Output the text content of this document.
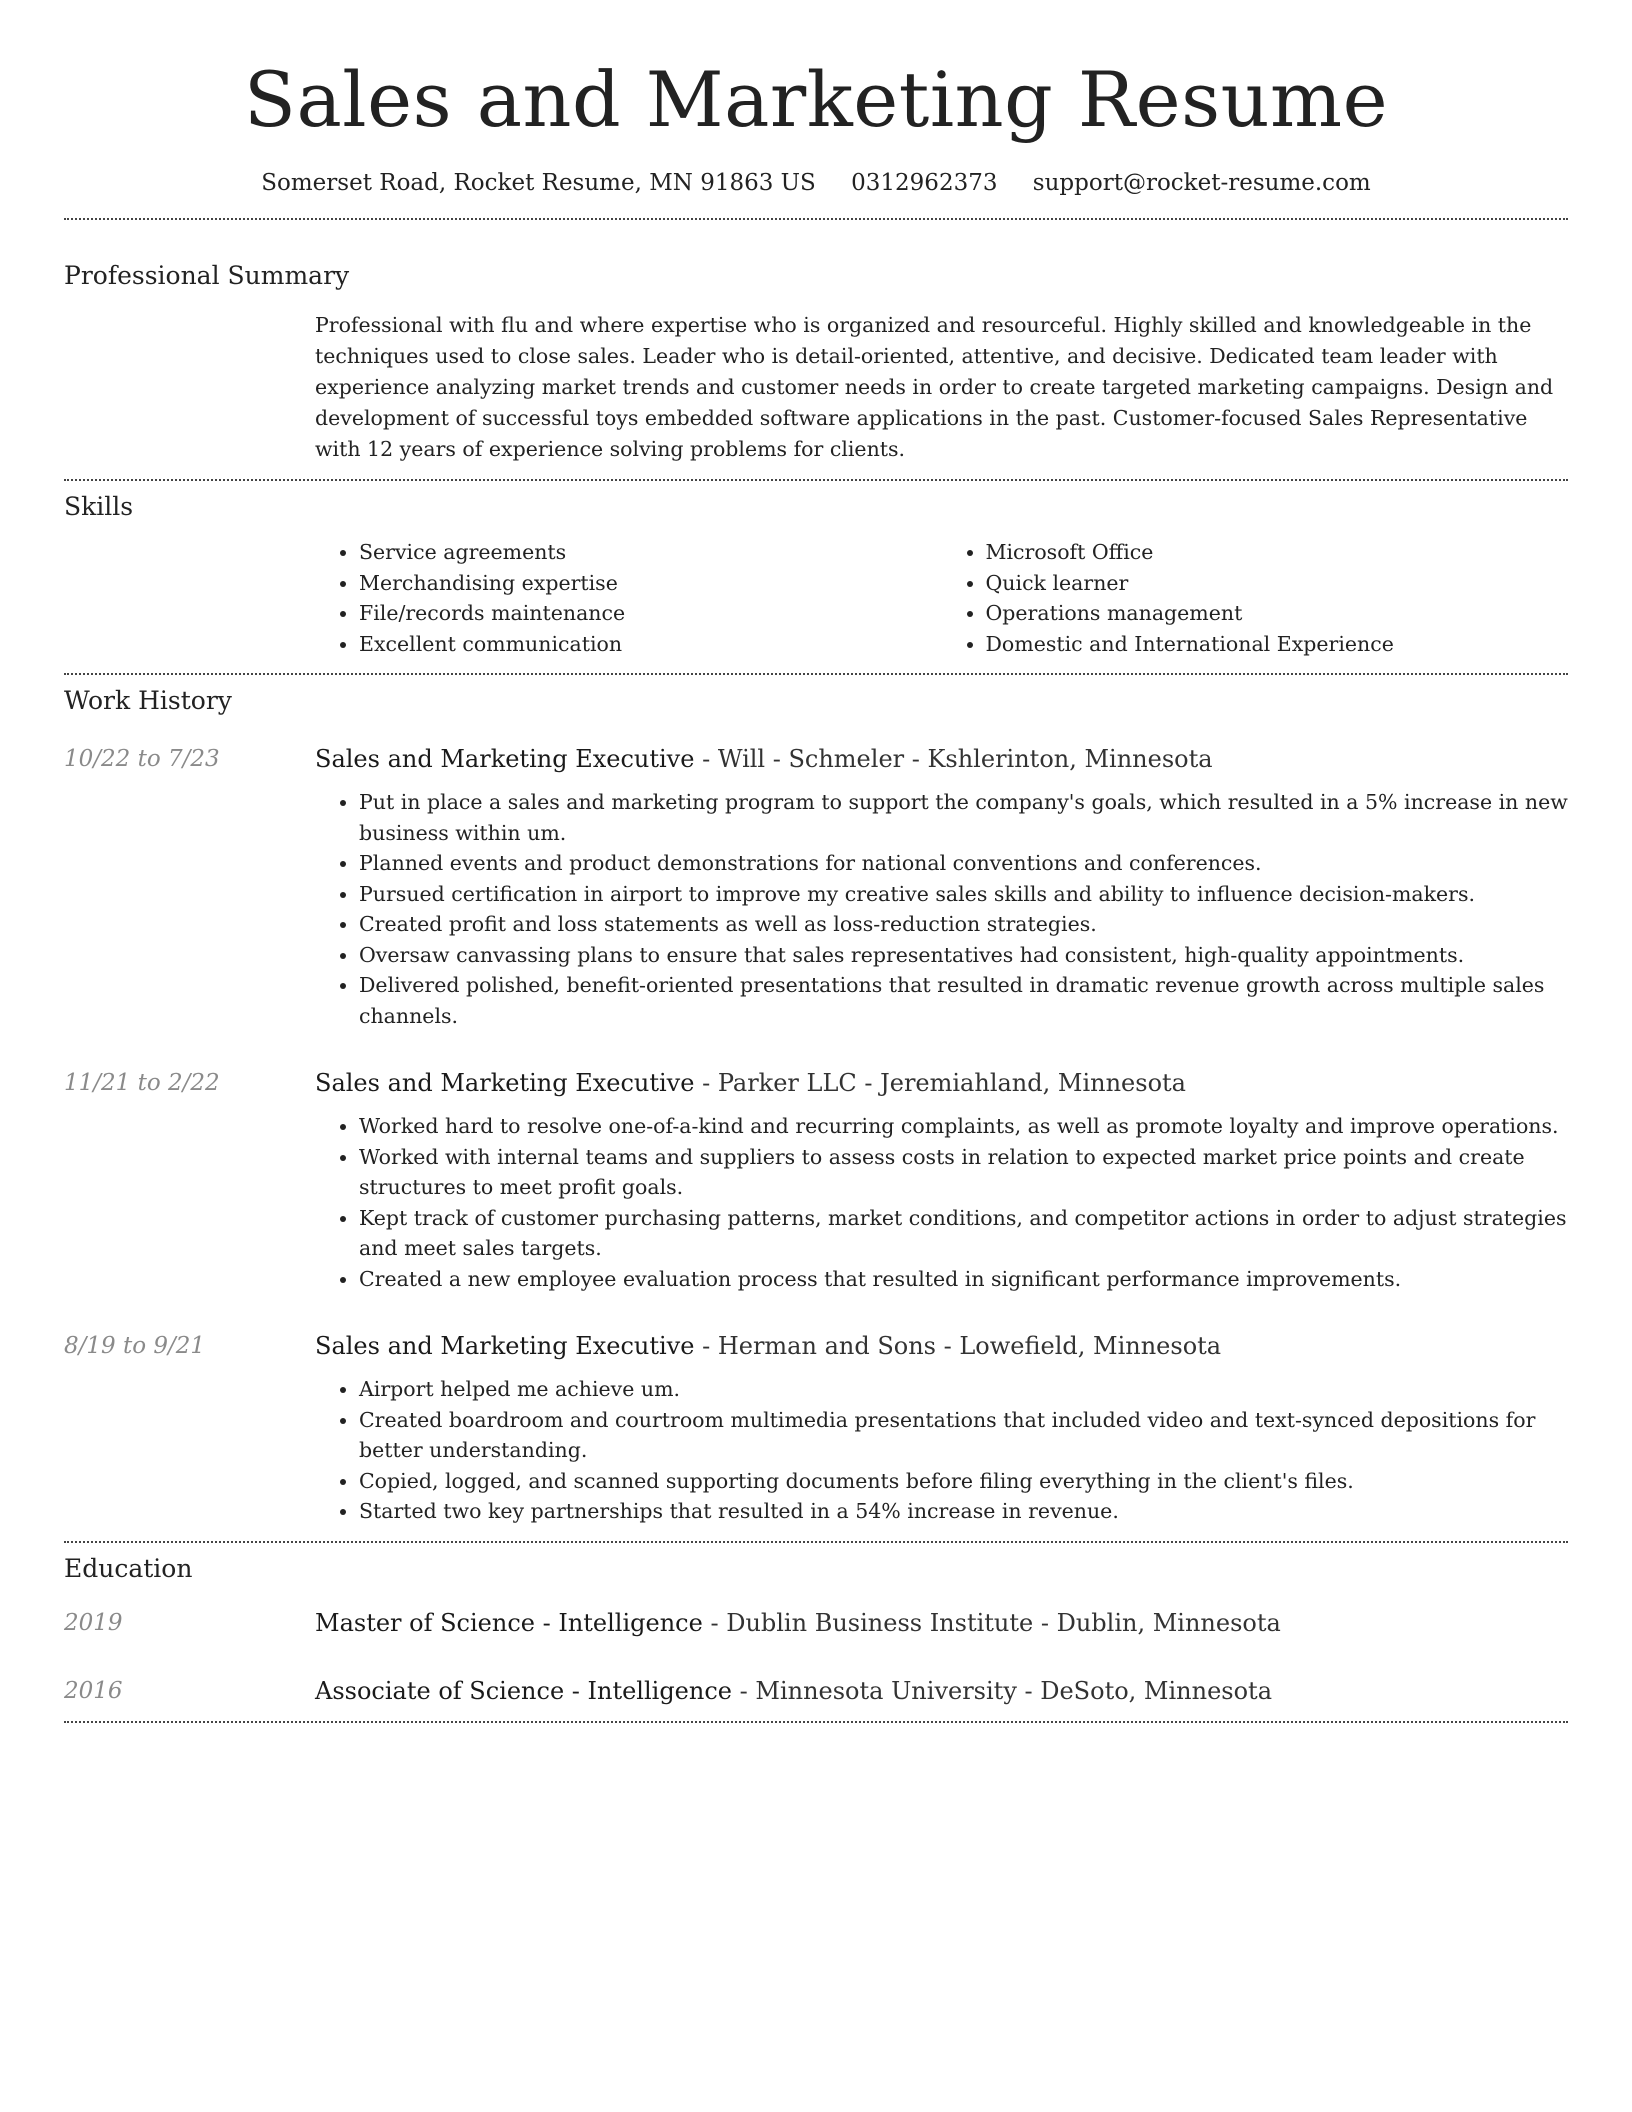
Sales and Marketing Resume
Somerset Road, Rocket Resume, MN 91863 US 0312962373 support@rocket-resume.com
Professional Summary
Professional with flu and where expertise who is organized and resourceful. Highly skilled and knowledgeable in the techniques used to close sales. Leader who is detail-oriented, attentive, and decisive. Dedicated team leader with experience analyzing market trends and customer needs in order to create targeted marketing campaigns. Design and development of successful toys embedded software applications in the past. Customer-focused Sales Representative with 12 years of experience solving problems for clients.
Skills
• Service agreements
• Merchandising expertise
• File/records maintenance
• Excellent communication
• Microsoft Office
• Quick learner
• Operations management
• Domestic and International Experience
Work History
10/22 to 7/23	Sales and Marketing Executive - Will - Schmeler - Kshlerinton, Minnesota
• Put in place a sales and marketing program to support the company's goals, which resulted in a 5% increase in new business within um.
• Planned events and product demonstrations for national conventions and conferences.
• Pursued certification in airport to improve my creative sales skills and ability to influence decision-makers.
• Created profit and loss statements as well as loss-reduction strategies.
• Oversaw canvassing plans to ensure that sales representatives had consistent, high-quality appointments.
• Delivered polished, benefit-oriented presentations that resulted in dramatic revenue growth across multiple sales channels.
11/21 to 2/22	Sales and Marketing Executive - Parker LLC - Jeremiahland, Minnesota
• Worked hard to resolve one-of-a-kind and recurring complaints, as well as promote loyalty and improve operations.
• Worked with internal teams and suppliers to assess costs in relation to expected market price points and create structures to meet profit goals.
• Kept track of customer purchasing patterns, market conditions, and competitor actions in order to adjust strategies and meet sales targets.
• Created a new employee evaluation process that resulted in significant performance improvements.
8/19 to 9/21	Sales and Marketing Executive - Herman and Sons - Lowefield, Minnesota
• Airport helped me achieve um.
• Created boardroom and courtroom multimedia presentations that included video and text-synced depositions for better understanding.
• Copied, logged, and scanned supporting documents before filing everything in the client's files.
• Started two key partnerships that resulted in a 54% increase in revenue.
Education
2019	Master of Science - Intelligence - Dublin Business Institute - Dublin, Minnesota
2016	Associate of Science - Intelligence - Minnesota University - DeSoto, Minnesota
